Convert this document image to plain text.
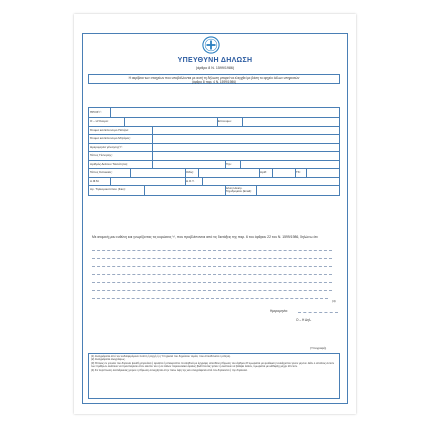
ΥΠΕΥΘΥΝΗ ΔΗΛΩΣΗ
(άρθρο 8 Ν. 1599/1986)
Η ακρίβεια των στοιχείων που υποβάλλονται με αυτή τη δήλωση μπορεί να ελεγχθεί με βάση το αρχείο άλλων υπηρεσιών
(άρθρο 8 παρ. 4 Ν. 1599/1986)
ΠΡΟΣ⁽¹⁾:
Ο – Η Όνομα:	Επώνυμο:
Όνομα και Επώνυμο Πατέρα:
Όνομα και Επώνυμο Μητέρας:
Ημερομηνία γέννησης⁽²⁾:
Τόπος Γέννησης:
Αριθμός Δελτίου Ταυτότητας:	Τηλ:
Τόπος Κατοικίας:	Οδός:	Αριθ:	ΤΚ:
Α.Φ.Μ.	Δ.Ο.Υ.
Αρ. Τηλεομοιοτύπου (Fax):	Δ/νση Ηλεκτρ. Ταχυδρομείου (Email):
Με ατομική μου ευθύνη και γνωρίζοντας τις κυρώσεις ⁽³⁾, που προβλέπονται από τις διατάξεις της παρ. 6 του άρθρου 22 του Ν. 1599/1986, δηλώνω ότι:
(4)
Ημερομηνία:
Ο – Η Δηλ.
(Υπογραφή)
(1) Αναγράφεται από τον ενδιαφερόμενο πολίτη ή Αρχή ή η Υπηρεσία του δημόσιου τομέα, που απευθύνεται η αίτηση.
(2) Αναγράφεται ολογράφως.
(3) Όποιος εν γνώσει του δηλώνει ψευδή γεγονότα ή αρνείται ή αποκρύπτει τα αληθινά με έγγραφη υπεύθυνη δήλωση του άρθρου 8 τιμωρείται με φυλάκιση τουλάχιστον τριών μηνών. Εάν ο υπαίτιος αυτών των πράξεων σκόπευε να προσπορίσει στον εαυτόν του ή σε άλλον περιουσιακό όφελος βλάπτοντας τρίτον ή σκόπευε να βλάψει άλλον, τιμωρείται με κάθειρξη μέχρι 10 ετών.
(4) Σε περίπτωση ανεπάρκειας χώρου η δήλωση συνεχίζεται στην πίσω όψη της και υπογράφεται από τον δηλούντα ή την δηλούσα.
